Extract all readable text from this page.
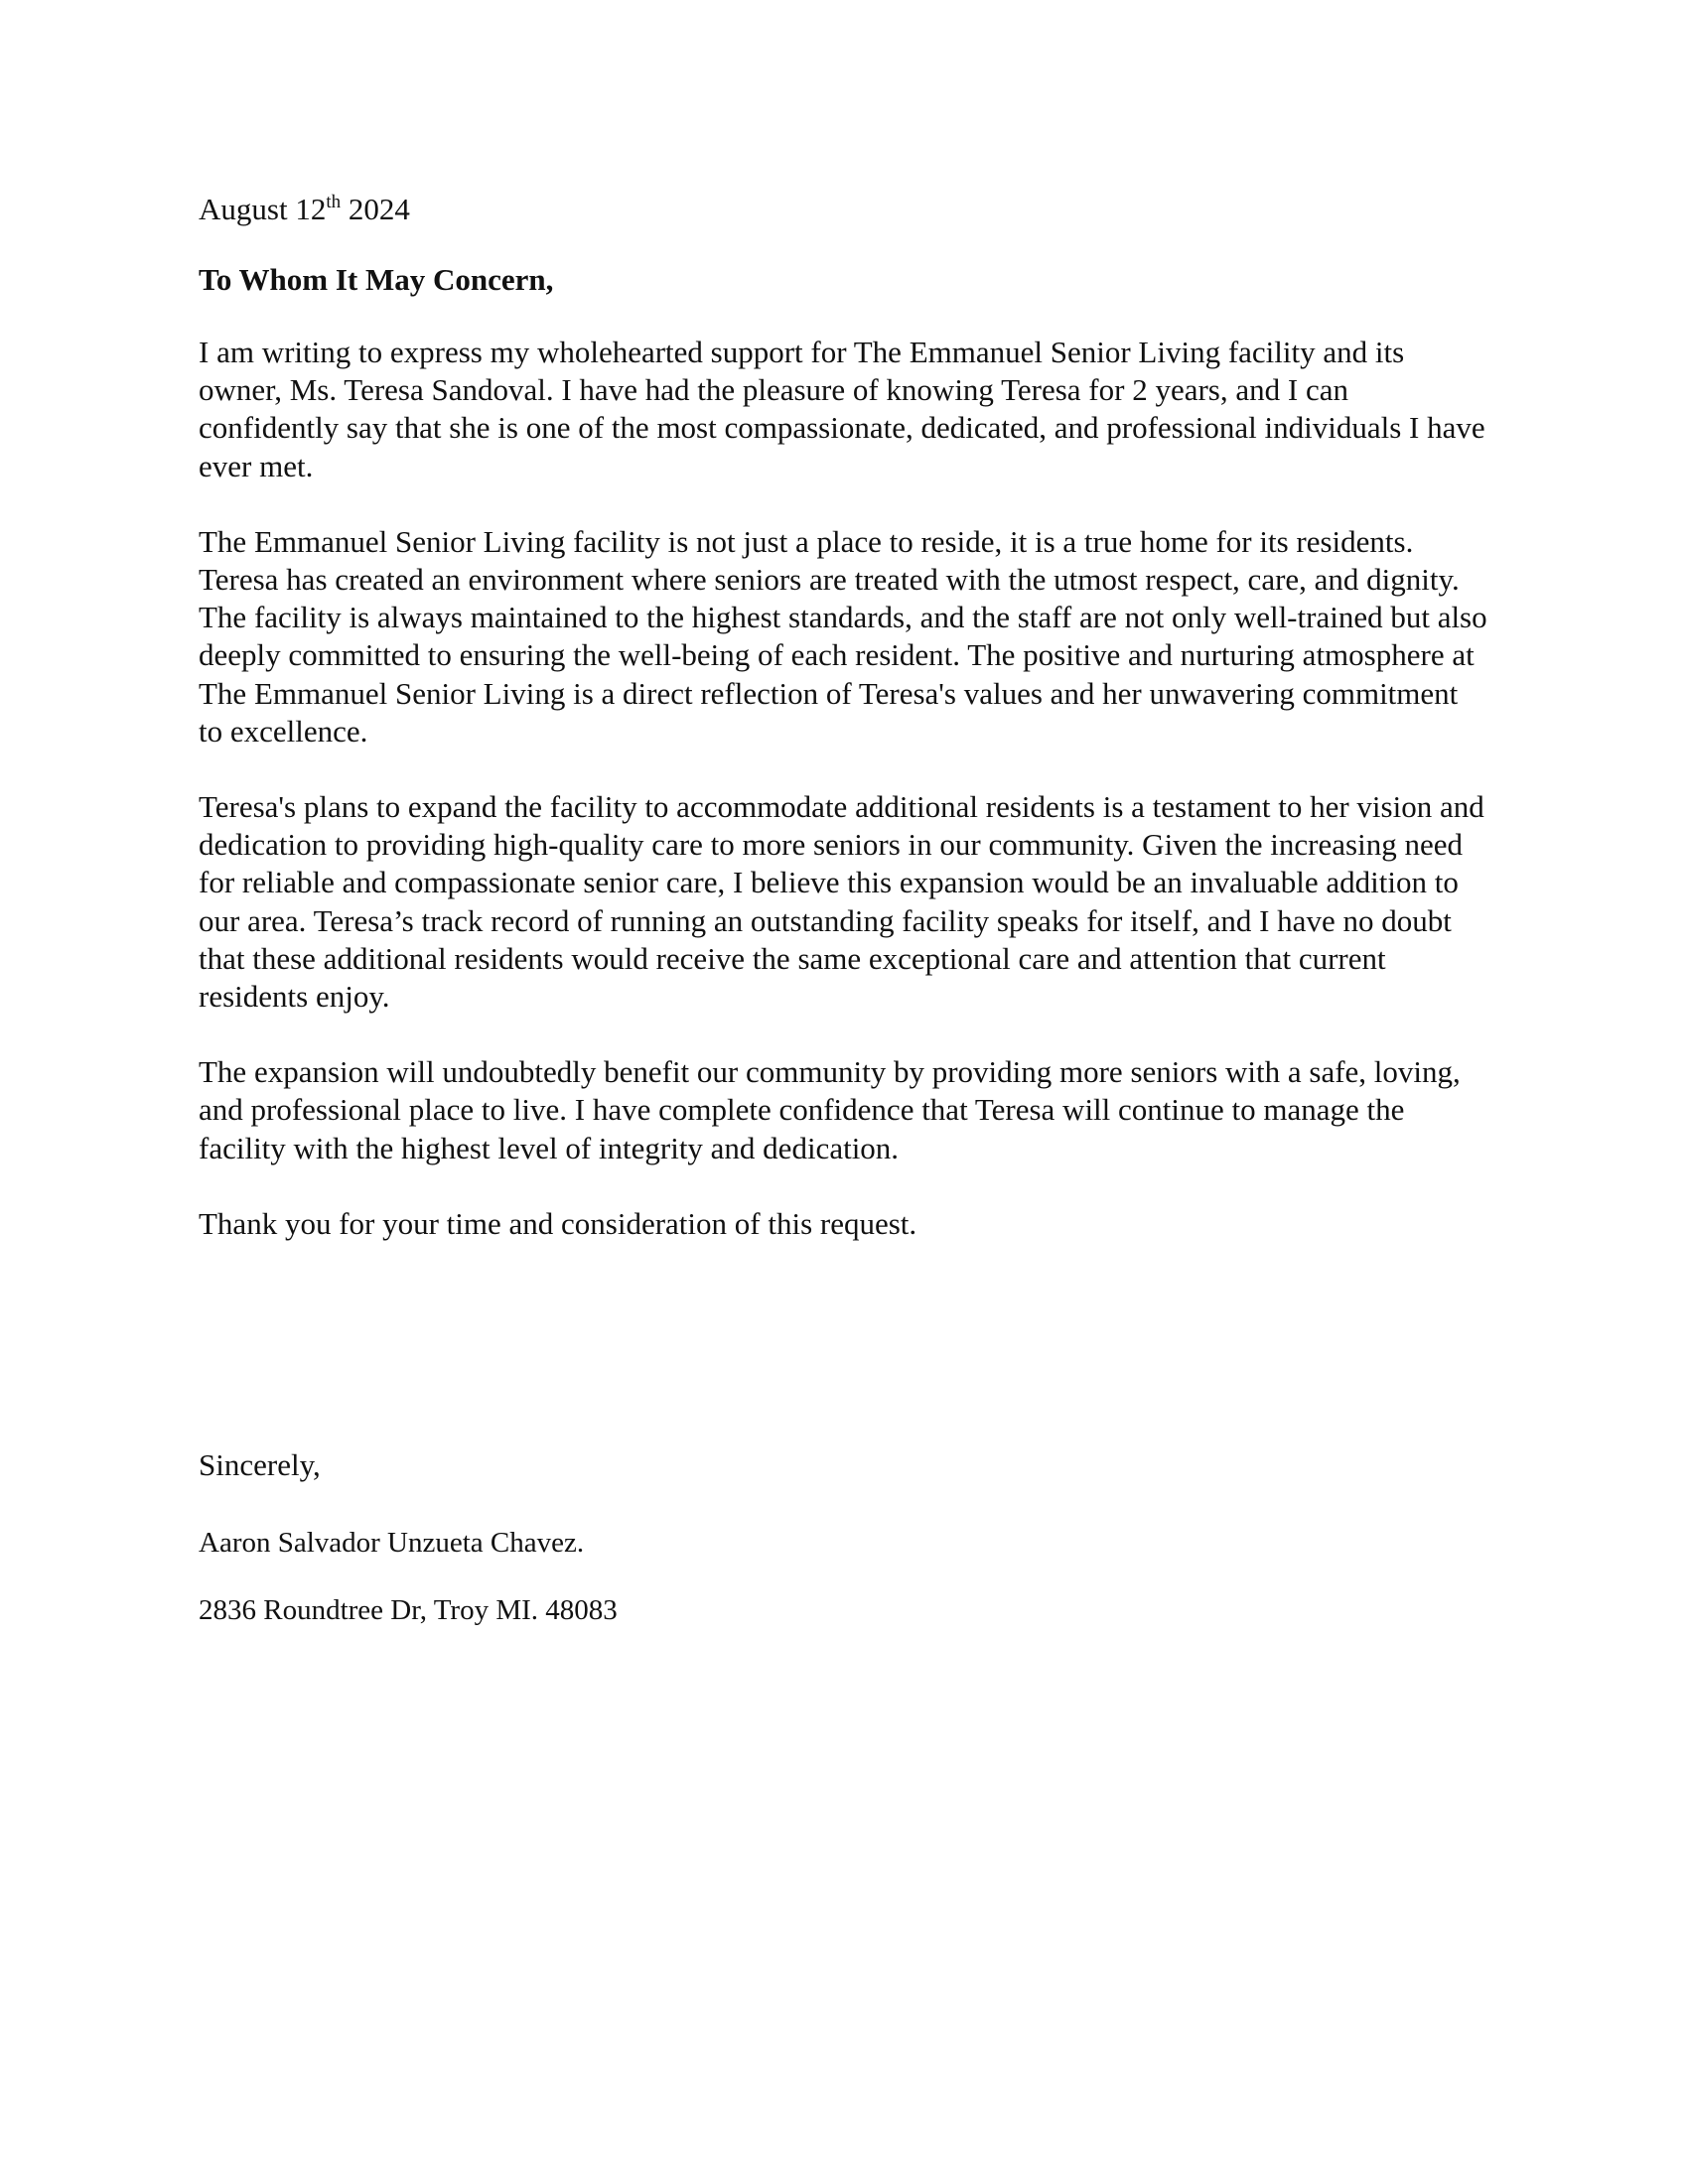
August 12th 2024

To Whom It May Concern,

I am writing to express my wholehearted support for The Emmanuel Senior Living facility and its owner, Ms. Teresa Sandoval. I have had the pleasure of knowing Teresa for 2 years, and I can confidently say that she is one of the most compassionate, dedicated, and professional individuals I have ever met.

The Emmanuel Senior Living facility is not just a place to reside, it is a true home for its residents. Teresa has created an environment where seniors are treated with the utmost respect, care, and dignity. The facility is always maintained to the highest standards, and the staff are not only well-trained but also deeply committed to ensuring the well-being of each resident. The positive and nurturing atmosphere at The Emmanuel Senior Living is a direct reflection of Teresa's values and her unwavering commitment to excellence.

Teresa's plans to expand the facility to accommodate additional residents is a testament to her vision and dedication to providing high-quality care to more seniors in our community. Given the increasing need for reliable and compassionate senior care, I believe this expansion would be an invaluable addition to our area. Teresa’s track record of running an outstanding facility speaks for itself, and I have no doubt that these additional residents would receive the same exceptional care and attention that current residents enjoy.

The expansion will undoubtedly benefit our community by providing more seniors with a safe, loving, and professional place to live. I have complete confidence that Teresa will continue to manage the facility with the highest level of integrity and dedication.

Thank you for your time and consideration of this request.

Sincerely,

Aaron Salvador Unzueta Chavez.

2836 Roundtree Dr, Troy MI. 48083
